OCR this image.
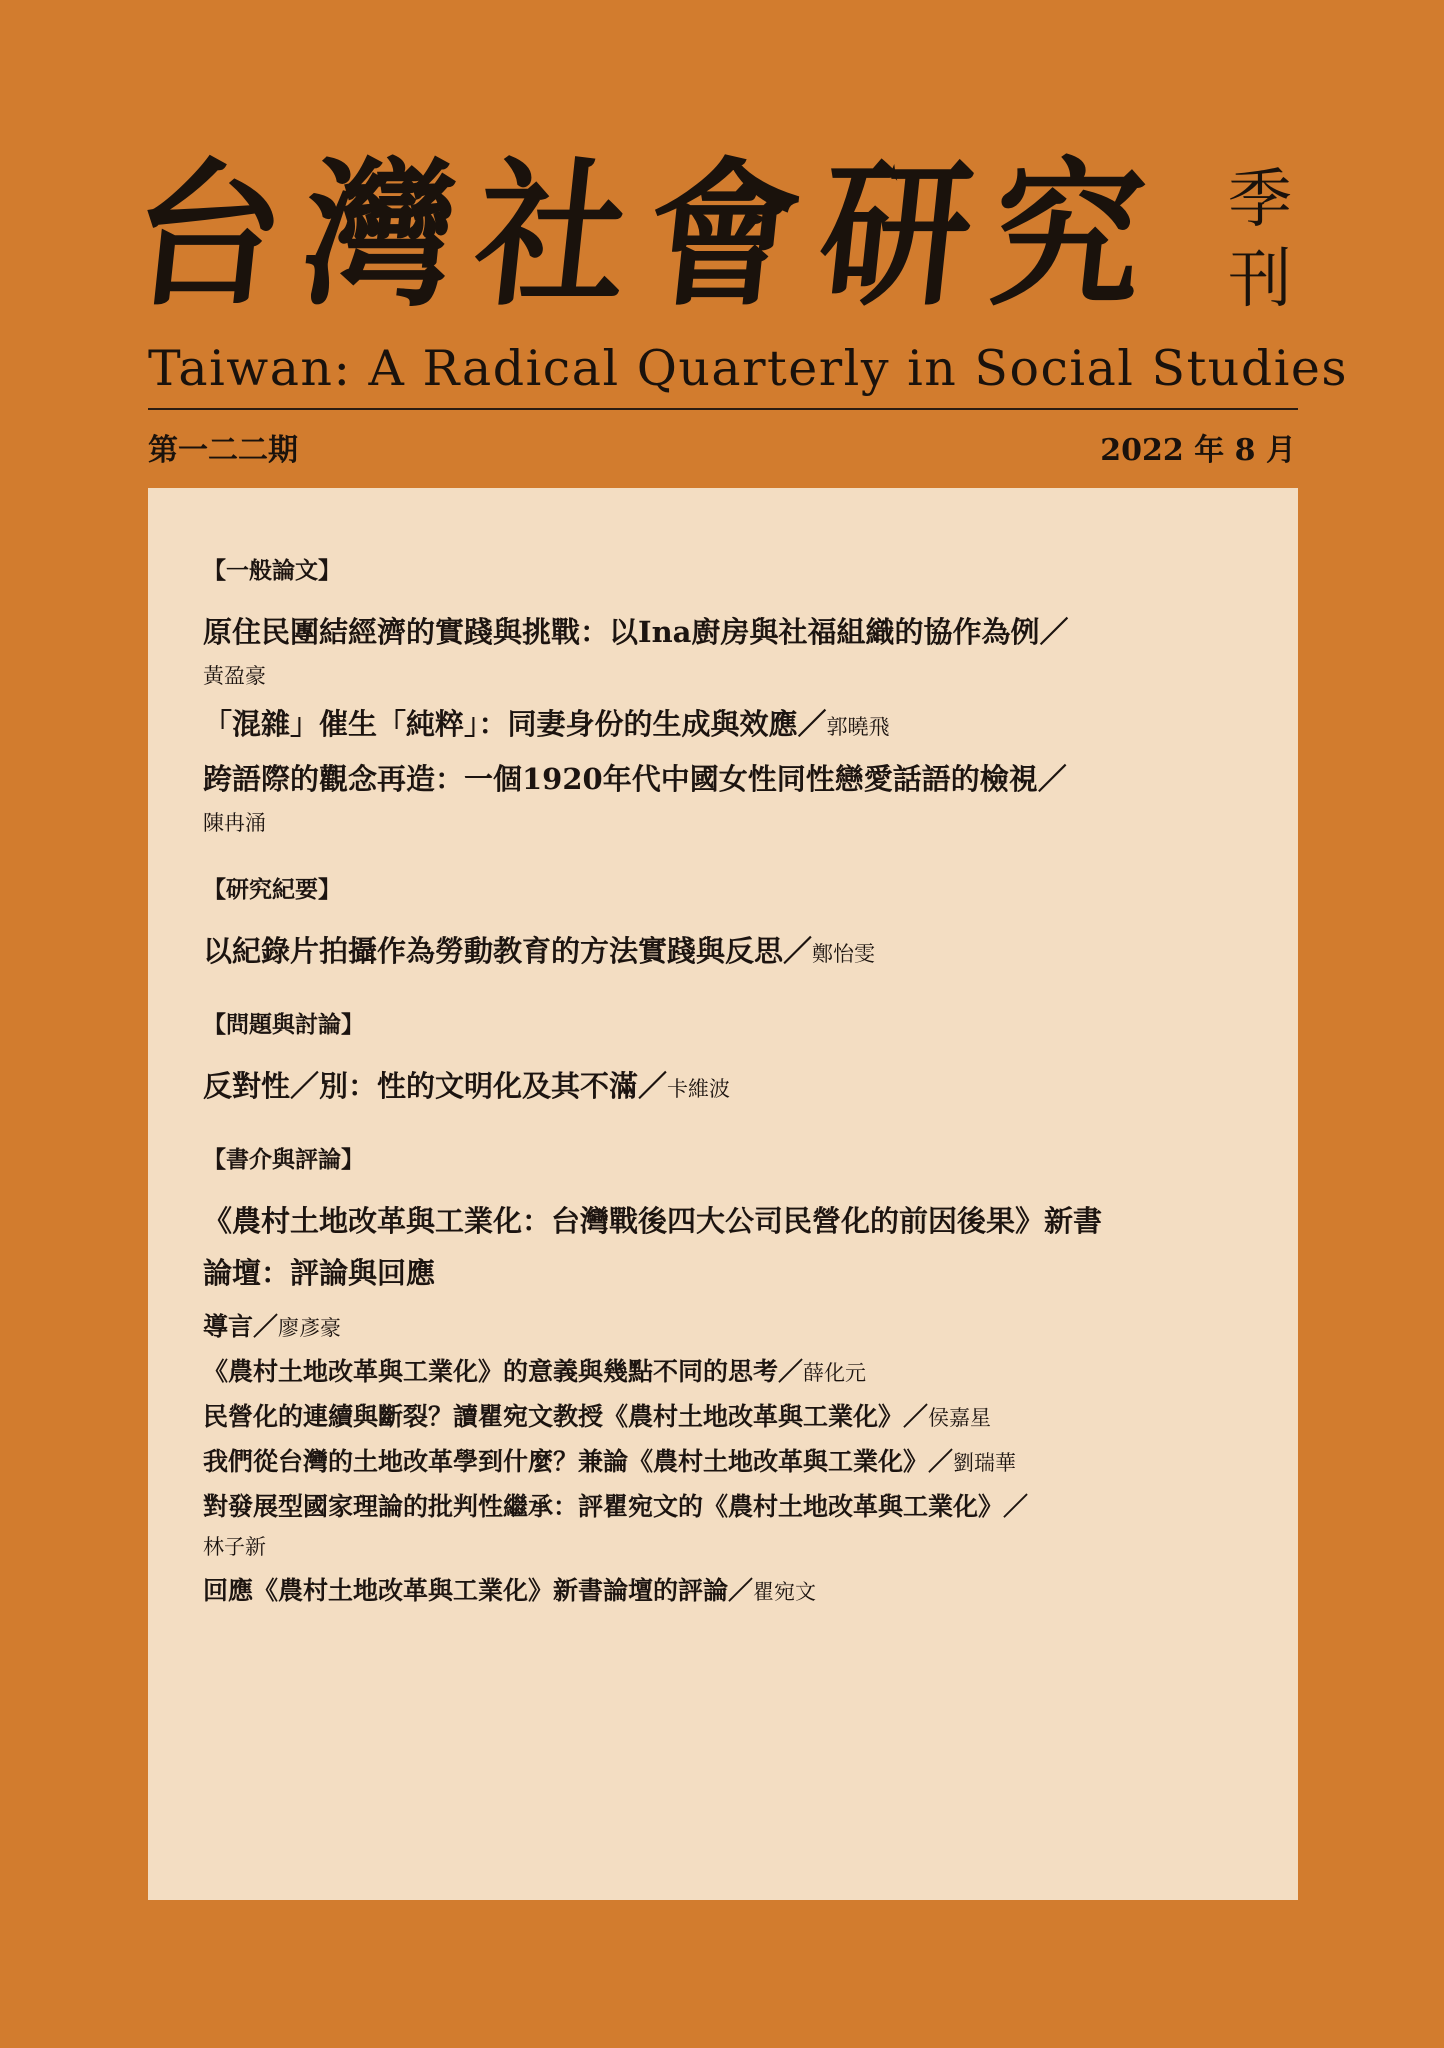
台灣社會研究 季
刊
Taiwan: A Radical Quarterly in Social Studies
第一二二期	2022 年 8 月

【一般論文】

原住民團結經濟的實踐與挑戰：以Ina廚房與社福組織的協作為例／

黃盈豪

「混雜」催生「純粹」：同妻身份的生成與效應／郭曉飛

跨語際的觀念再造：一個1920年代中國女性同性戀愛話語的檢視／

陳冉涌

【研究紀要】

以紀錄片拍攝作為勞動教育的方法實踐與反思／鄭怡雯

【問題與討論】

反對性／別：性的文明化及其不滿／卡維波

【書介與評論】

《農村土地改革與工業化：台灣戰後四大公司民營化的前因後果》新書

論壇：評論與回應

導言／廖彥豪

《農村土地改革與工業化》的意義與幾點不同的思考／薛化元

民營化的連續與斷裂？讀瞿宛文教授《農村土地改革與工業化》／侯嘉星

我們從台灣的土地改革學到什麼？兼論《農村土地改革與工業化》／劉瑞華

對發展型國家理論的批判性繼承：評瞿宛文的《農村土地改革與工業化》／

林子新

回應《農村土地改革與工業化》新書論壇的評論／瞿宛文
